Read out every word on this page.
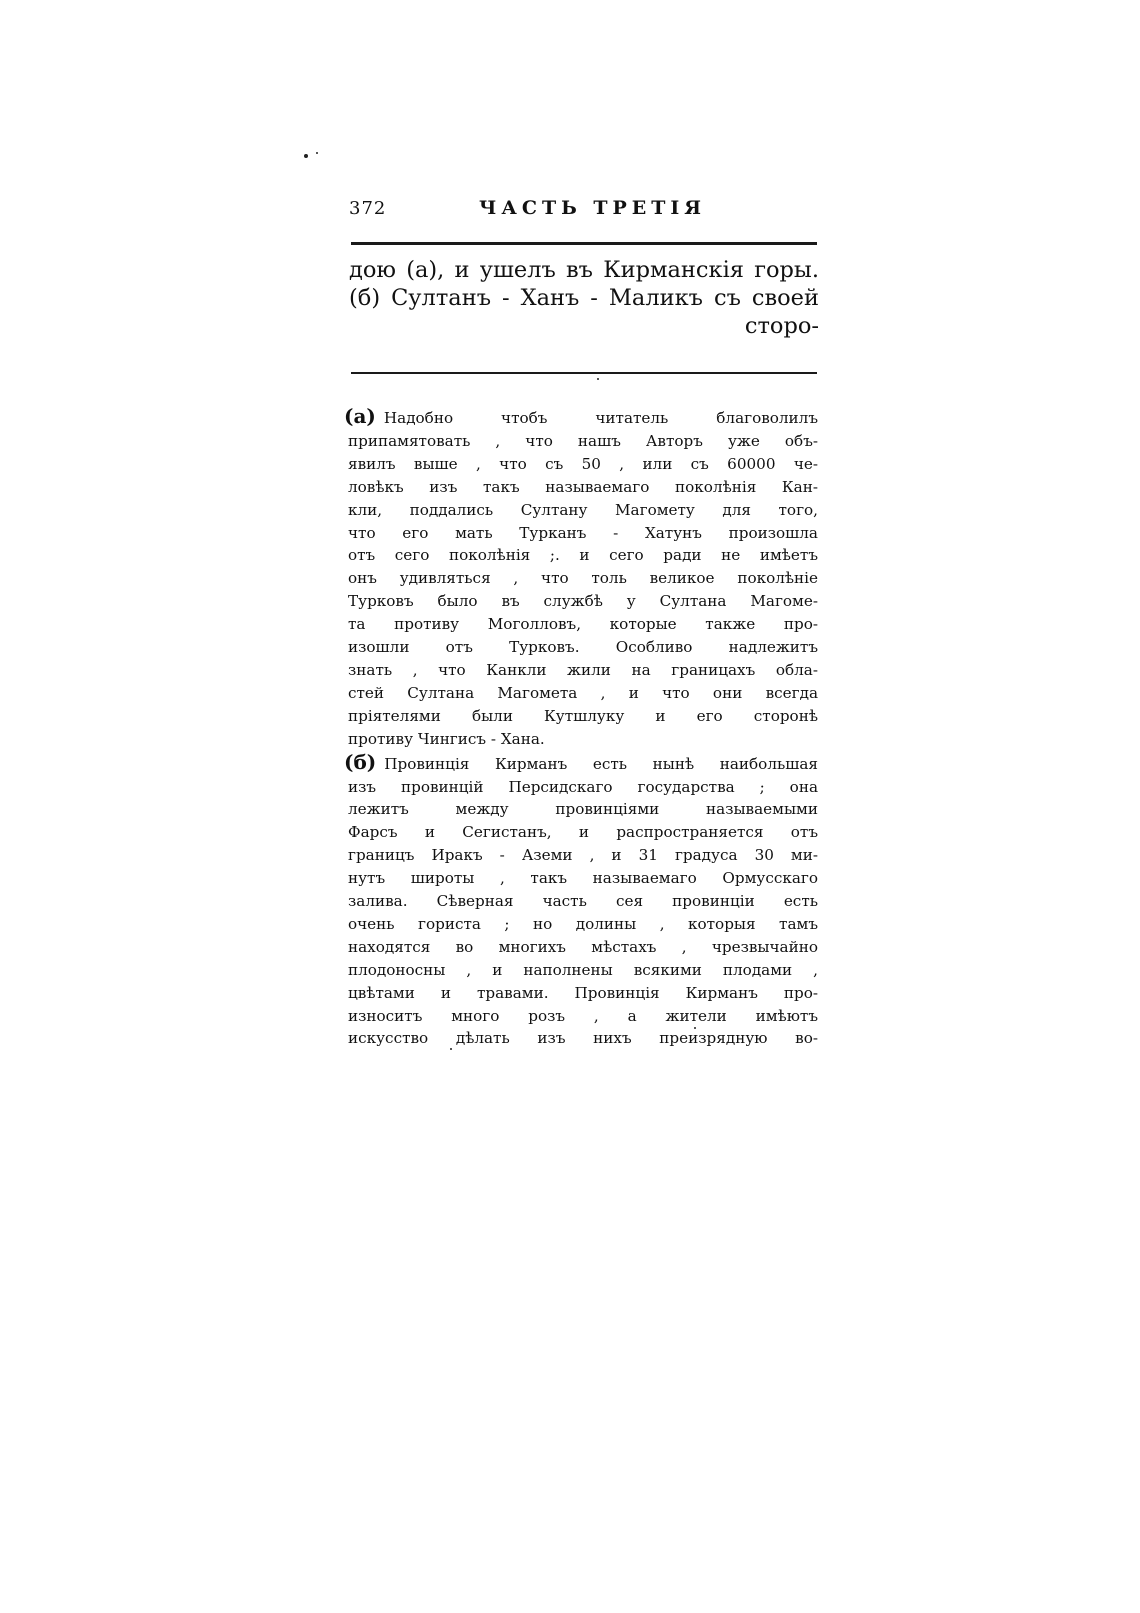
372	ЧАСТЬ ТРЕТІЯ
дою (а), и ушелъ въ Кирманскія горы.
(б) Султанъ - Ханъ - Маликъ съ своей
сторо-
(а) Надобно чтобъ читатель благоволилъ
припамятовать , что нашъ Авторъ уже объ-
явилъ выше , что съ 50 , или съ 60000 че-
ловѣкъ изъ такъ называемаго поколѣнія Кан-
кли, поддались Султану Магомету для того,
что его мать Турканъ - Хатунъ произошла
отъ сего поколѣнія ;. и сего ради не имѣетъ
онъ удивляться , что толь великое поколѣніе
Турковъ было въ службѣ у Султана Магоме-
та противу Моголловъ, которые также про-
изошли отъ Турковъ. Особливо надлежитъ
знать , что Канкли жили на границахъ обла-
стей Султана Магомета , и что они всегда
пріятелями были Кутшлуку и его сторонѣ
противу Чингисъ - Хана.
(б) Провинція Кирманъ есть нынѣ наибольшая
изъ провинцій Персидскаго государства ; она
лежитъ между провинціями называемыми
Фарсъ и Сегистанъ, и распространяется отъ
границъ Иракъ - Аземи , и 31 градуса 30 ми-
нутъ широты , такъ называемаго Ормусскаго
залива. Сѣверная часть сея провинціи есть
очень гориста ; но долины , которыя тамъ
находятся во многихъ мѣстахъ , чрезвычайно
плодоносны , и наполнены всякими плодами ,
цвѣтами и травами. Провинція Кирманъ про-
износитъ много розъ , а жители имѣютъ
искусство дѣлать изъ нихъ преизрядную во-
